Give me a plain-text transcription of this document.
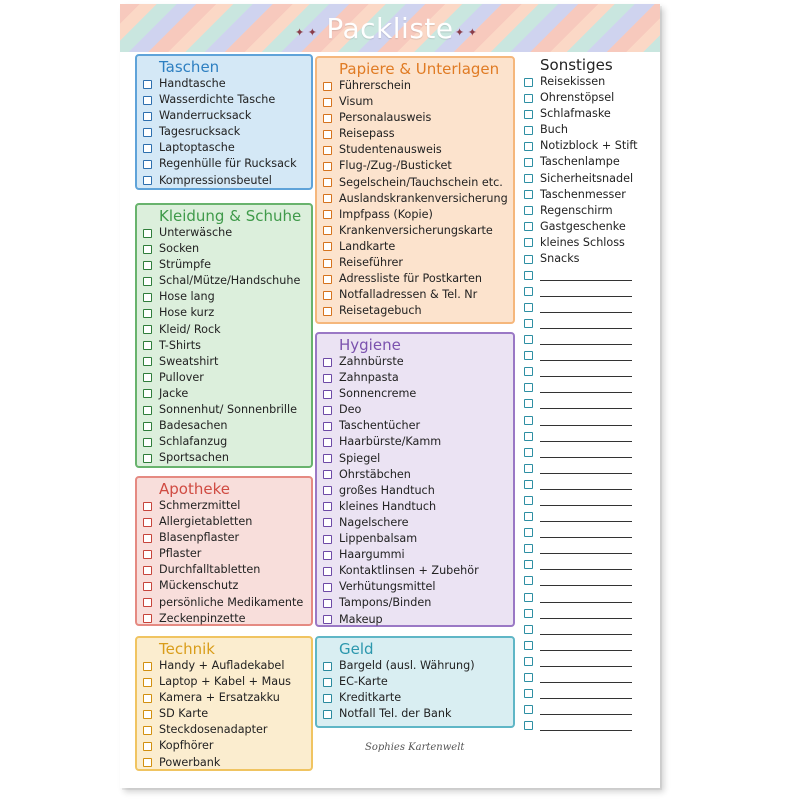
✦ ✦ Packliste ✦ ✦
Taschen
Handtasche
Wasserdichte Tasche
Wanderrucksack
Tagesrucksack
Laptoptasche
Regenhülle für Rucksack
Kompressionsbeutel
Kleidung & Schuhe
Unterwäsche
Socken
Strümpfe
Schal/Mütze/Handschuhe
Hose lang
Hose kurz
Kleid/ Rock
T-Shirts
Sweatshirt
Pullover
Jacke
Sonnenhut/ Sonnenbrille
Badesachen
Schlafanzug
Sportsachen
Apotheke
Schmerzmittel
Allergietabletten
Blasenpflaster
Pflaster
Durchfalltabletten
Mückenschutz
persönliche Medikamente
Zeckenpinzette
Technik
Handy + Aufladekabel
Laptop + Kabel + Maus
Kamera + Ersatzakku
SD Karte
Steckdosenadapter
Kopfhörer
Powerbank
Papiere & Unterlagen
Führerschein
Visum
Personalausweis
Reisepass
Studentenausweis
Flug-/Zug-/Busticket
Segelschein/Tauchschein etc.
Auslandskrankenversicherung
Impfpass (Kopie)
Krankenversicherungskarte
Landkarte
Reiseführer
Adressliste für Postkarten
Notfalladressen & Tel. Nr
Reisetagebuch
Hygiene
Zahnbürste
Zahnpasta
Sonnencreme
Deo
Taschentücher
Haarbürste/Kamm
Spiegel
Ohrstäbchen
großes Handtuch
kleines Handtuch
Nagelschere
Lippenbalsam
Haargummi
Kontaktlinsen + Zubehör
Verhütungsmittel
Tampons/Binden
Makeup
Geld
Bargeld (ausl. Währung)
EC-Karte
Kreditkarte
Notfall Tel. der Bank
Sonstiges
Reisekissen
Ohrenstöpsel
Schlafmaske
Buch
Notizblock + Stift
Taschenlampe
Sicherheitsnadel
Taschenmesser
Regenschirm
Gastgeschenke
kleines Schloss
Snacks
Sophies Kartenwelt
